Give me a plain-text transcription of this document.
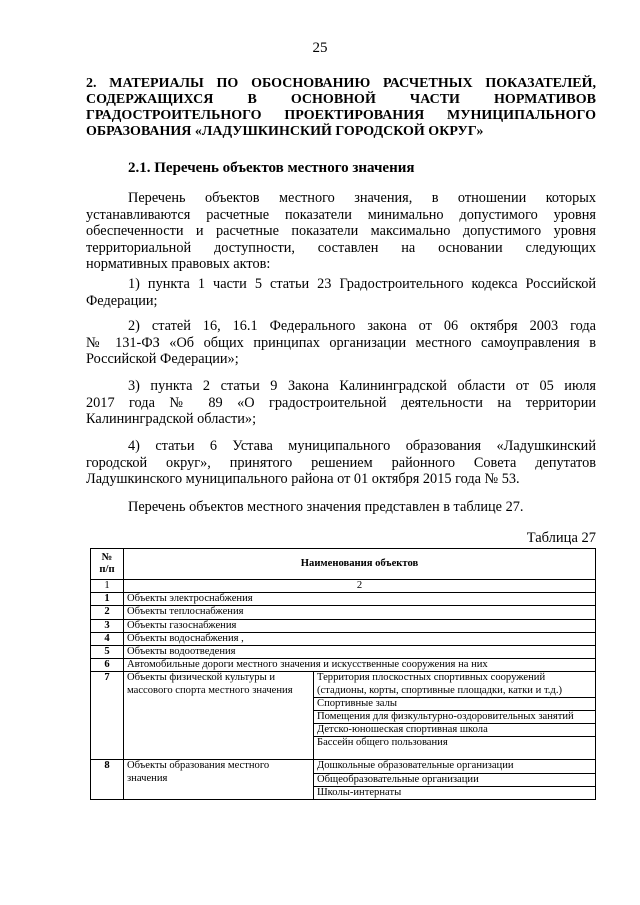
25
2. МАТЕРИАЛЫ ПО ОБОСНОВАНИЮ РАСЧЕТНЫХ ПОКАЗАТЕЛЕЙ,
СОДЕРЖАЩИХСЯ В ОСНОВНОЙ ЧАСТИ НОРМАТИВОВ
ГРАДОСТРОИТЕЛЬНОГО ПРОЕКТИРОВАНИЯ МУНИЦИПАЛЬНОГО
ОБРАЗОВАНИЯ «ЛАДУШКИНСКИЙ ГОРОДСКОЙ ОКРУГ»
2.1. Перечень объектов местного значения
Перечень объектов местного значения, в отношении которых
устанавливаются расчетные показатели минимально допустимого уровня
обеспеченности и расчетные показатели максимально допустимого уровня
территориальной доступности, составлен на основании следующих
нормативных правовых актов:
1) пункта 1 части 5 статьи 23 Градостроительного кодекса Российской
Федерации;
2) статей 16, 16.1 Федерального закона от 06 октября 2003 года
№ 131-ФЗ «Об общих принципах организации местного самоуправления в
Российской Федерации»;
3) пункта 2 статьи 9 Закона Калининградской области от 05 июля
2017 года № 89 «О градостроительной деятельности на территории
Калининградской области»;
4) статьи 6 Устава муниципального образования «Ладушкинский
городской округ», принятого решением районного Совета депутатов
Ладушкинского муниципального района от 01 октября 2015 года № 53.
Перечень объектов местного значения представлен в таблице 27.
Таблица 27
№
п/п	Наименования объектов	
1	2	
1	Объекты электроснабжения	
2	Объекты теплоснабжения	
3	Объекты газоснабжения	
4	Объекты водоснабжения ,	
5	Объекты водоотведения	
6	Автомобильные дороги местного значения и искусственные сооружения на них	
7	Объекты физической культуры и массового спорта местного значения	Территория плоскостных спортивных сооружений (стадионы, корты, спортивные площадки, катки и т.д.)
		Спортивные залы
		Помещения для физкультурно-оздоровительных занятий
		Детско-юношеская спортивная школа
		Бассейн общего пользования
8	Объекты образования местного значения	Дошкольные образовательные организации
		Общеобразовательные организации
		Школы-интернаты
